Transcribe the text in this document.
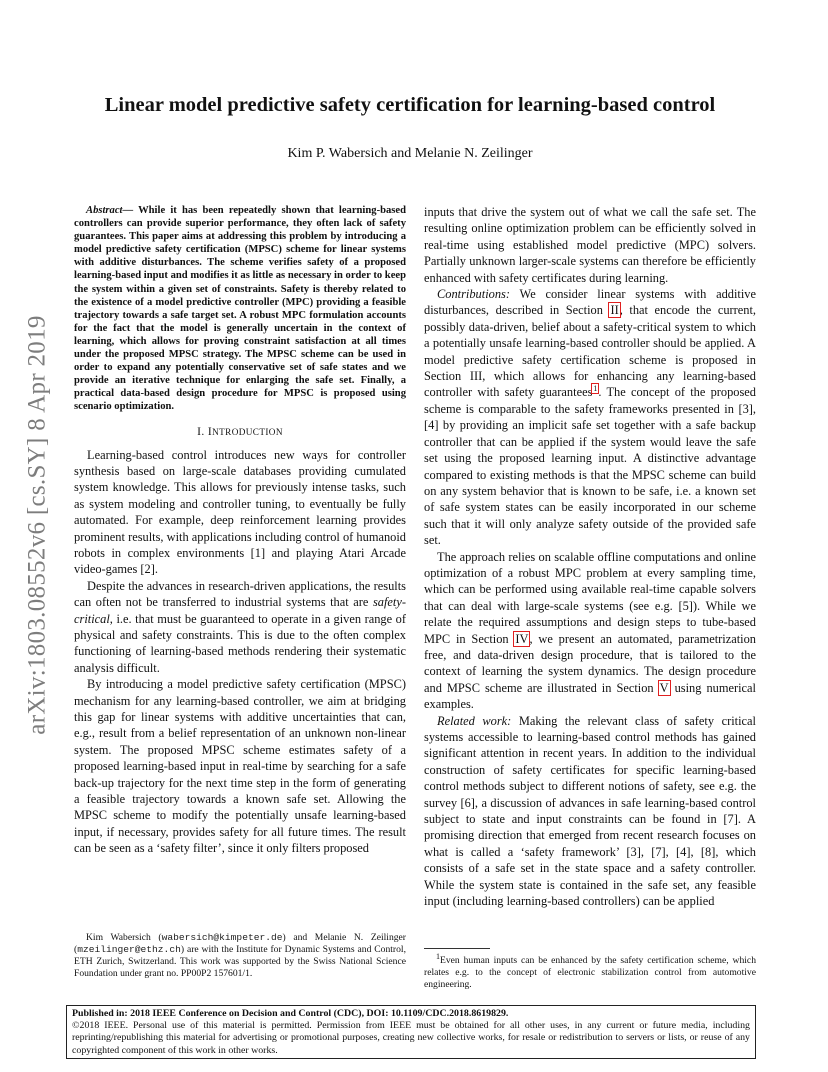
arXiv:1803.08552v6 [cs.SY] 8 Apr 2019
Linear model predictive safety certification for learning-based control
Kim P. Wabersich and Melanie N. Zeilinger

Abstract— While it has been repeatedly shown that learning-based controllers can provide superior performance, they often lack of safety guarantees. This paper aims at addressing this problem by introducing a model predictive safety certification (MPSC) scheme for linear systems with additive disturbances. The scheme verifies safety of a proposed learning-based input and modifies it as little as necessary in order to keep the system within a given set of constraints. Safety is thereby related to the existence of a model predictive controller (MPC) providing a feasible trajectory towards a safe target set. A robust MPC formulation accounts for the fact that the model is generally uncertain in the context of learning, which allows for proving constraint satisfaction at all times under the proposed MPSC strategy. The MPSC scheme can be used in order to expand any potentially conservative set of safe states and we provide an iterative technique for enlarging the safe set. Finally, a practical data-based design procedure for MPSC is proposed using scenario optimization.

I. INTRODUCTION

Learning-based control introduces new ways for controller synthesis based on large-scale databases providing cumulated system knowledge. This allows for previously intense tasks, such as system modeling and controller tuning, to eventually be fully automated. For example, deep reinforcement learning provides prominent results, with applications including control of humanoid robots in complex environments [1] and playing Atari Arcade video-games [2].

Despite the advances in research-driven applications, the results can often not be transferred to industrial systems that are safety-critical, i.e. that must be guaranteed to operate in a given range of physical and safety constraints. This is due to the often complex functioning of learning-based methods rendering their systematic analysis difficult.

By introducing a model predictive safety certification (MPSC) mechanism for any learning-based controller, we aim at bridging this gap for linear systems with additive uncertainties that can, e.g., result from a belief representation of an unknown non-linear system. The proposed MPSC scheme estimates safety of a proposed learning-based input in real-time by searching for a safe back-up trajectory for the next time step in the form of generating a feasible trajectory towards a known safe set. Allowing the MPSC scheme to modify the potentially unsafe learning-based input, if necessary, provides safety for all future times. The result can be seen as a ‘safety filter’, since it only filters proposed

inputs that drive the system out of what we call the safe set. The resulting online optimization problem can be efficiently solved in real-time using established model predictive (MPC) solvers. Partially unknown larger-scale systems can therefore be efficiently enhanced with safety certificates during learning.

Contributions: We consider linear systems with additive disturbances, described in Section II, that encode the current, possibly data-driven, belief about a safety-critical system to which a potentially unsafe learning-based controller should be applied. A model predictive safety certification scheme is proposed in Section III, which allows for enhancing any learning-based controller with safety guarantees$^1$. The concept of the proposed scheme is comparable to the safety frameworks presented in [3], [4] by providing an implicit safe set together with a safe backup controller that can be applied if the system would leave the safe set using the proposed learning input. A distinctive advantage compared to existing methods is that the MPSC scheme can build on any system behavior that is known to be safe, i.e. a known set of safe system states can be easily incorporated in our scheme such that it will only analyze safety outside of the provided safe set.

The approach relies on scalable offline computations and online optimization of a robust MPC problem at every sampling time, which can be performed using available real-time capable solvers that can deal with large-scale systems (see e.g. [5]). While we relate the required assumptions and design steps to tube-based MPC in Section IV, we present an automated, parametrization free, and data-driven design procedure, that is tailored to the context of learning the system dynamics. The design procedure and MPSC scheme are illustrated in Section V using numerical examples.

Related work: Making the relevant class of safety critical systems accessible to learning-based control methods has gained significant attention in recent years. In addition to the individual construction of safety certificates for specific learning-based control methods subject to different notions of safety, see e.g. the survey [6], a discussion of advances in safe learning-based control subject to state and input constraints can be found in [7]. A promising direction that emerged from recent research focuses on what is called a ‘safety framework’ [3], [7], [4], [8], which consists of a safe set in the state space and a safety controller. While the system state is contained in the safe set, any feasible input (including learning-based controllers) can be applied

Kim Wabersich (wabersich@kimpeter.de) and Melanie N. Zeilinger (mzeilinger@ethz.ch) are with the Institute for Dynamic Systems and Control, ETH Zurich, Switzerland. This work was supported by the Swiss National Science Foundation under grant no. PP00P2 157601/1.

$^1$Even human inputs can be enhanced by the safety certification scheme, which relates e.g. to the concept of electronic stabilization control from automotive engineering.

Published in: 2018 IEEE Conference on Decision and Control (CDC), DOI: 10.1109/CDC.2018.8619829.

©2018 IEEE. Personal use of this material is permitted. Permission from IEEE must be obtained for all other uses, in any current or future media, including reprinting/republishing this material for advertising or promotional purposes, creating new collective works, for resale or redistribution to servers or lists, or reuse of any copyrighted component of this work in other works.
